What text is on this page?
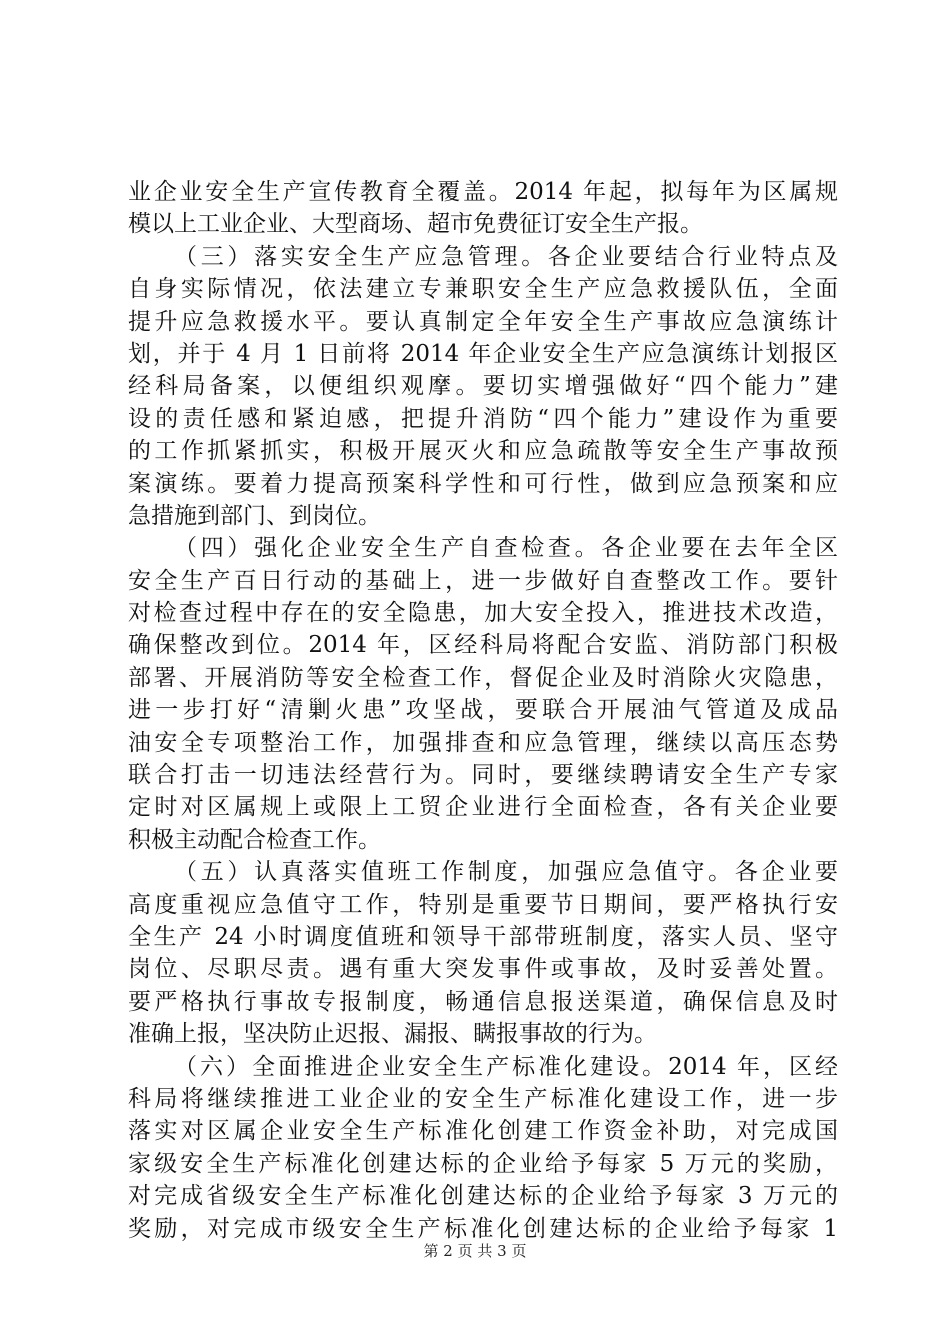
业企业安全生产宣传教育全覆盖。2014 年起，拟每年为区属规
模以上工业企业、大型商场、超市免费征订安全生产报。
（三）落实安全生产应急管理。各企业要结合行业特点及
自身实际情况，依法建立专兼职安全生产应急救援队伍，全面
提升应急救援水平。要认真制定全年安全生产事故应急演练计
划，并于 4 月 1 日前将 2014 年企业安全生产应急演练计划报区
经科局备案，以便组织观摩。要切实增强做好“四个能力”建
设的责任感和紧迫感，把提升消防“四个能力”建设作为重要
的工作抓紧抓实，积极开展灭火和应急疏散等安全生产事故预
案演练。要着力提高预案科学性和可行性，做到应急预案和应
急措施到部门、到岗位。
（四）强化企业安全生产自查检查。各企业要在去年全区
安全生产百日行动的基础上，进一步做好自查整改工作。要针
对检查过程中存在的安全隐患，加大安全投入，推进技术改造，
确保整改到位。2014 年，区经科局将配合安监、消防部门积极
部署、开展消防等安全检查工作，督促企业及时消除火灾隐患，
进一步打好“清剿火患”攻坚战，要联合开展油气管道及成品
油安全专项整治工作，加强排查和应急管理，继续以高压态势
联合打击一切违法经营行为。同时，要继续聘请安全生产专家
定时对区属规上或限上工贸企业进行全面检查，各有关企业要
积极主动配合检查工作。
（五）认真落实值班工作制度，加强应急值守。各企业要
高度重视应急值守工作，特别是重要节日期间，要严格执行安
全生产 24 小时调度值班和领导干部带班制度，落实人员、坚守
岗位、尽职尽责。遇有重大突发事件或事故，及时妥善处置。
要严格执行事故专报制度，畅通信息报送渠道，确保信息及时
准确上报，坚决防止迟报、漏报、瞒报事故的行为。
（六）全面推进企业安全生产标准化建设。2014 年，区经
科局将继续推进工业企业的安全生产标准化建设工作，进一步
落实对区属企业安全生产标准化创建工作资金补助，对完成国
家级安全生产标准化创建达标的企业给予每家 5 万元的奖励，
对完成省级安全生产标准化创建达标的企业给予每家 3 万元的
奖励，对完成市级安全生产标准化创建达标的企业给予每家 1
第 2 页 共 3 页
